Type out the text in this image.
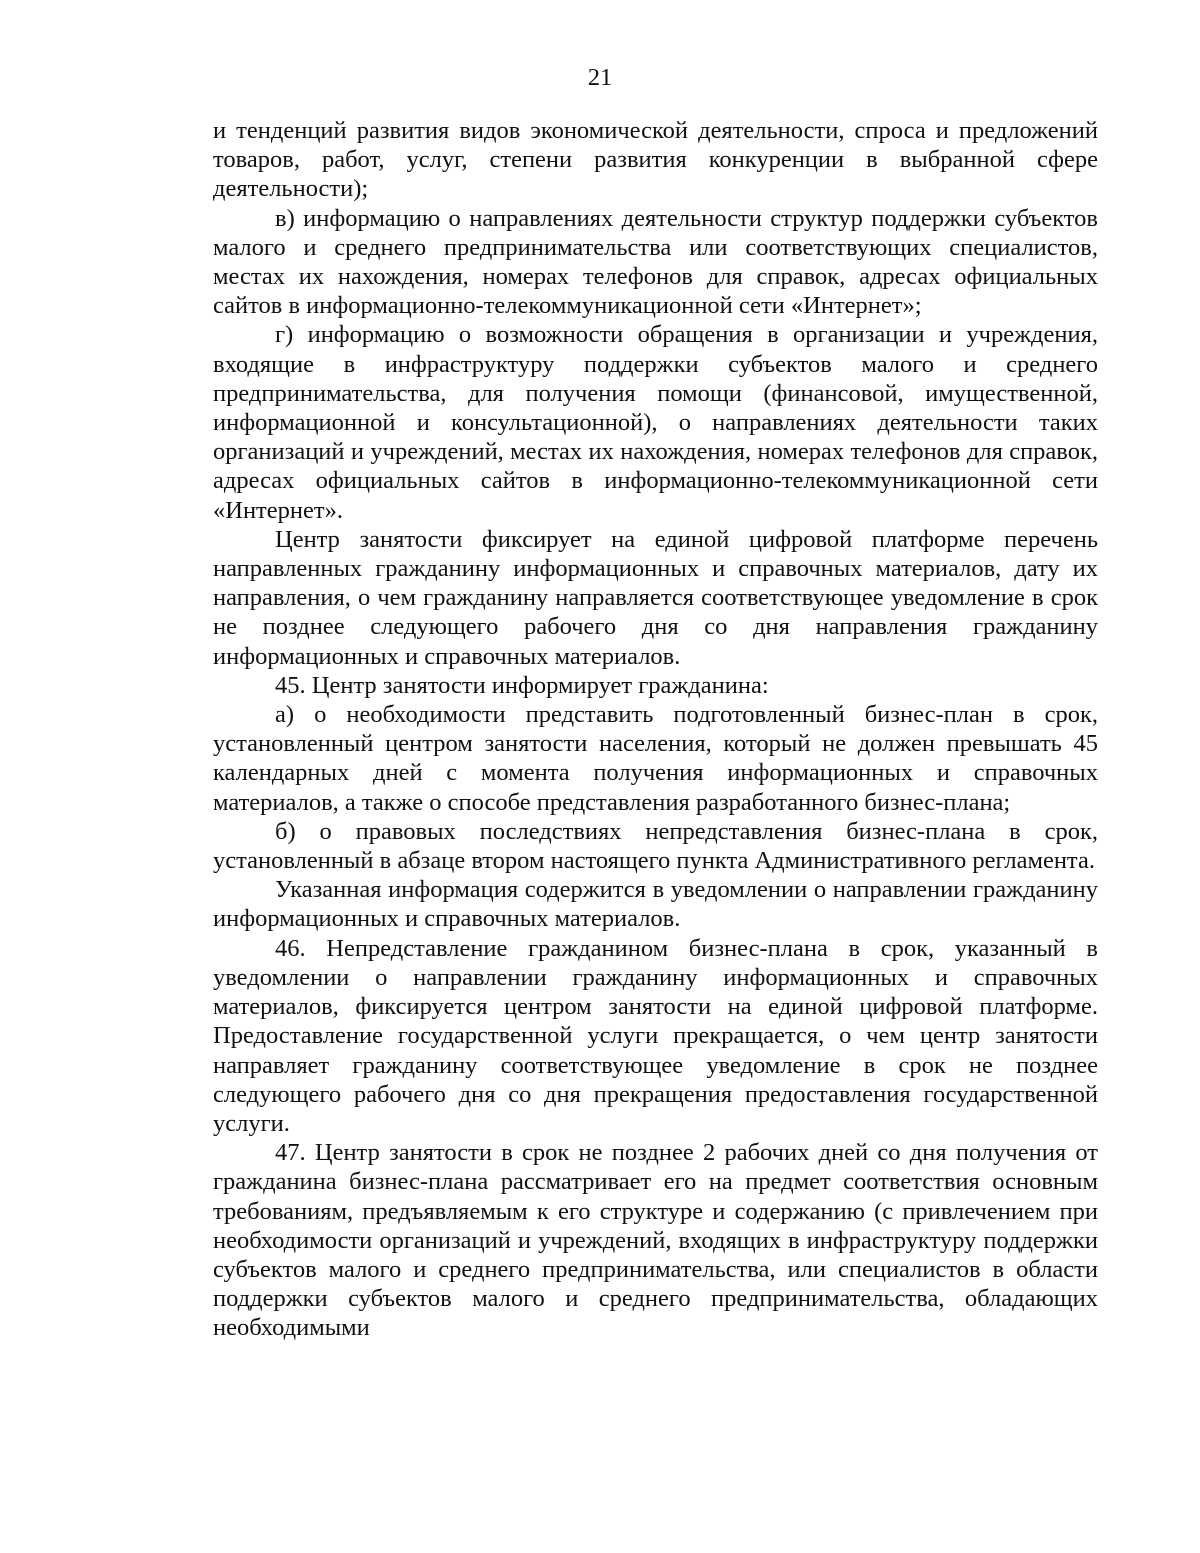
21

и тенденций развития видов экономической деятельности, спроса и предложений товаров, работ, услуг, степени развития конкуренции в выбранной сфере деятельности);

в) информацию о направлениях деятельности структур поддержки субъектов малого и среднего предпринимательства или соответствующих специалистов, местах их нахождения, номерах телефонов для справок, адресах официальных сайтов в информационно-телекоммуникационной сети «Интернет»;

г) информацию о возможности обращения в организации и учреждения, входящие в инфраструктуру поддержки субъектов малого и среднего предпринимательства, для получения помощи (финансовой, имущественной, информационной и консультационной), о направлениях деятельности таких организаций и учреждений, местах их нахождения, номерах телефонов для справок, адресах официальных сайтов в информационно-телекоммуникационной сети «Интернет».

Центр занятости фиксирует на единой цифровой платформе перечень направленных гражданину информационных и справочных материалов, дату их направления, о чем гражданину направляется соответствующее уведомление в срок не позднее следующего рабочего дня со дня направления гражданину информационных и справочных материалов.

45. Центр занятости информирует гражданина:

а) о необходимости представить подготовленный бизнес-план в срок, установленный центром занятости населения, который не должен превышать 45 календарных дней с момента получения информационных и справочных материалов, а также о способе представления разработанного бизнес-плана;

б) о правовых последствиях непредставления бизнес-плана в срок, установленный в абзаце втором настоящего пункта Административного регламента.

Указанная информация содержится в уведомлении о направлении гражданину информационных и справочных материалов.

46. Непредставление гражданином бизнес-плана в срок, указанный в уведомлении о направлении гражданину информационных и справочных материалов, фиксируется центром занятости на единой цифровой платформе. Предоставление государственной услуги прекращается, о чем центр занятости направляет гражданину соответствующее уведомление в срок не позднее следующего рабочего дня со дня прекращения предоставления государственной услуги.

47. Центр занятости в срок не позднее 2 рабочих дней со дня получения от гражданина бизнес-плана рассматривает его на предмет соответствия основным требованиям, предъявляемым к его структуре и содержанию (с привлечением при необходимости организаций и учреждений, входящих в инфраструктуру поддержки субъектов малого и среднего предпринимательства, или специалистов в области поддержки субъектов малого и среднего предпринимательства, обладающих необходимыми
